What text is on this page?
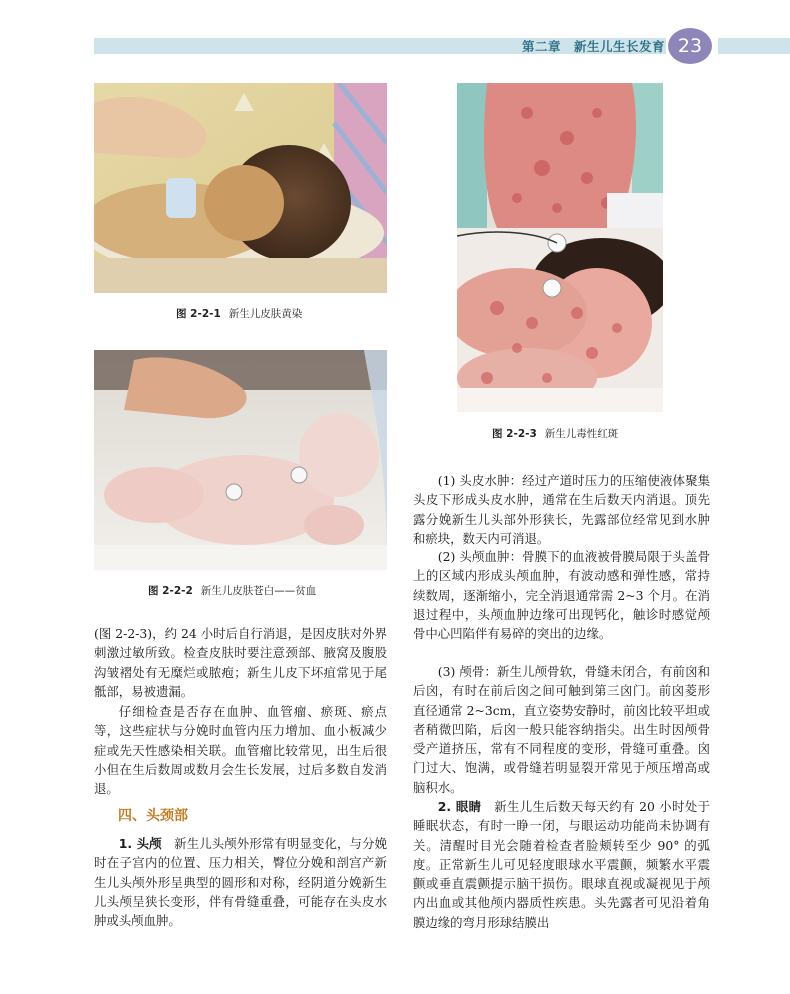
第二章　新生儿生长发育 23
图 2-2-1 新生儿皮肤黄染
图 2-2-2 新生儿皮肤苍白——贫血
图 2-2-3 新生儿毒性红斑
(图 2-2-3)，约 24 小时后自行消退，是因皮肤对外界刺激过敏所致。检查皮肤时要注意颈部、腋窝及腹股沟皱褶处有无糜烂或脓疱；新生儿皮下坏疽常见于尾骶部，易被遗漏。
仔细检查是否存在血肿、血管瘤、瘀斑、瘀点等，这些症状与分娩时血管内压力增加、血小板减少症或先天性感染相关联。血管瘤比较常见，出生后很小但在生后数周或数月会生长发展，过后多数自发消退。
四、头颈部
1. 头颅　 新生儿头颅外形常有明显变化，与分娩时在子宫内的位置、压力相关，臀位分娩和剖宫产新生儿头颅外形呈典型的圆形和对称，经阴道分娩新生儿头颅呈狭长变形，伴有骨缝重叠，可能存在头皮水肿或头颅血肿。
(1) 头皮水肿：经过产道时压力的压缩使液体聚集头皮下形成头皮水肿，通常在生后数天内消退。顶先露分娩新生儿头部外形狭长，先露部位经常见到水肿和瘀块，数天内可消退。
(2) 头颅血肿：骨膜下的血液被骨膜局限于头盖骨上的区域内形成头颅血肿，有波动感和弹性感，常持续数周，逐渐缩小，完全消退通常需 2~3 个月。在消退过程中，头颅血肿边缘可出现钙化，触诊时感觉颅骨中心凹陷伴有易碎的突出的边缘。
(3) 颅骨：新生儿颅骨软，骨缝未闭合，有前囟和后囟，有时在前后囟之间可触到第三囟门。前囟菱形直径通常 2~3cm，直立姿势安静时，前囟比较平坦或者稍微凹陷，后囟一般只能容纳指尖。出生时因颅骨受产道挤压，常有不同程度的变形，骨缝可重叠。囟门过大、饱满，或骨缝若明显裂开常见于颅压增高或脑积水。
2. 眼睛　 新生儿生后数天每天约有 20 小时处于睡眠状态，有时一睁一闭，与眼运动功能尚未协调有关。清醒时目光会随着检查者脸颊转至少 90° 的弧度。正常新生儿可见轻度眼球水平震颤，频繁水平震颤或垂直震颤提示脑干损伤。眼球直视或凝视见于颅内出血或其他颅内器质性疾患。头先露者可见沿着角膜边缘的弯月形球结膜出
